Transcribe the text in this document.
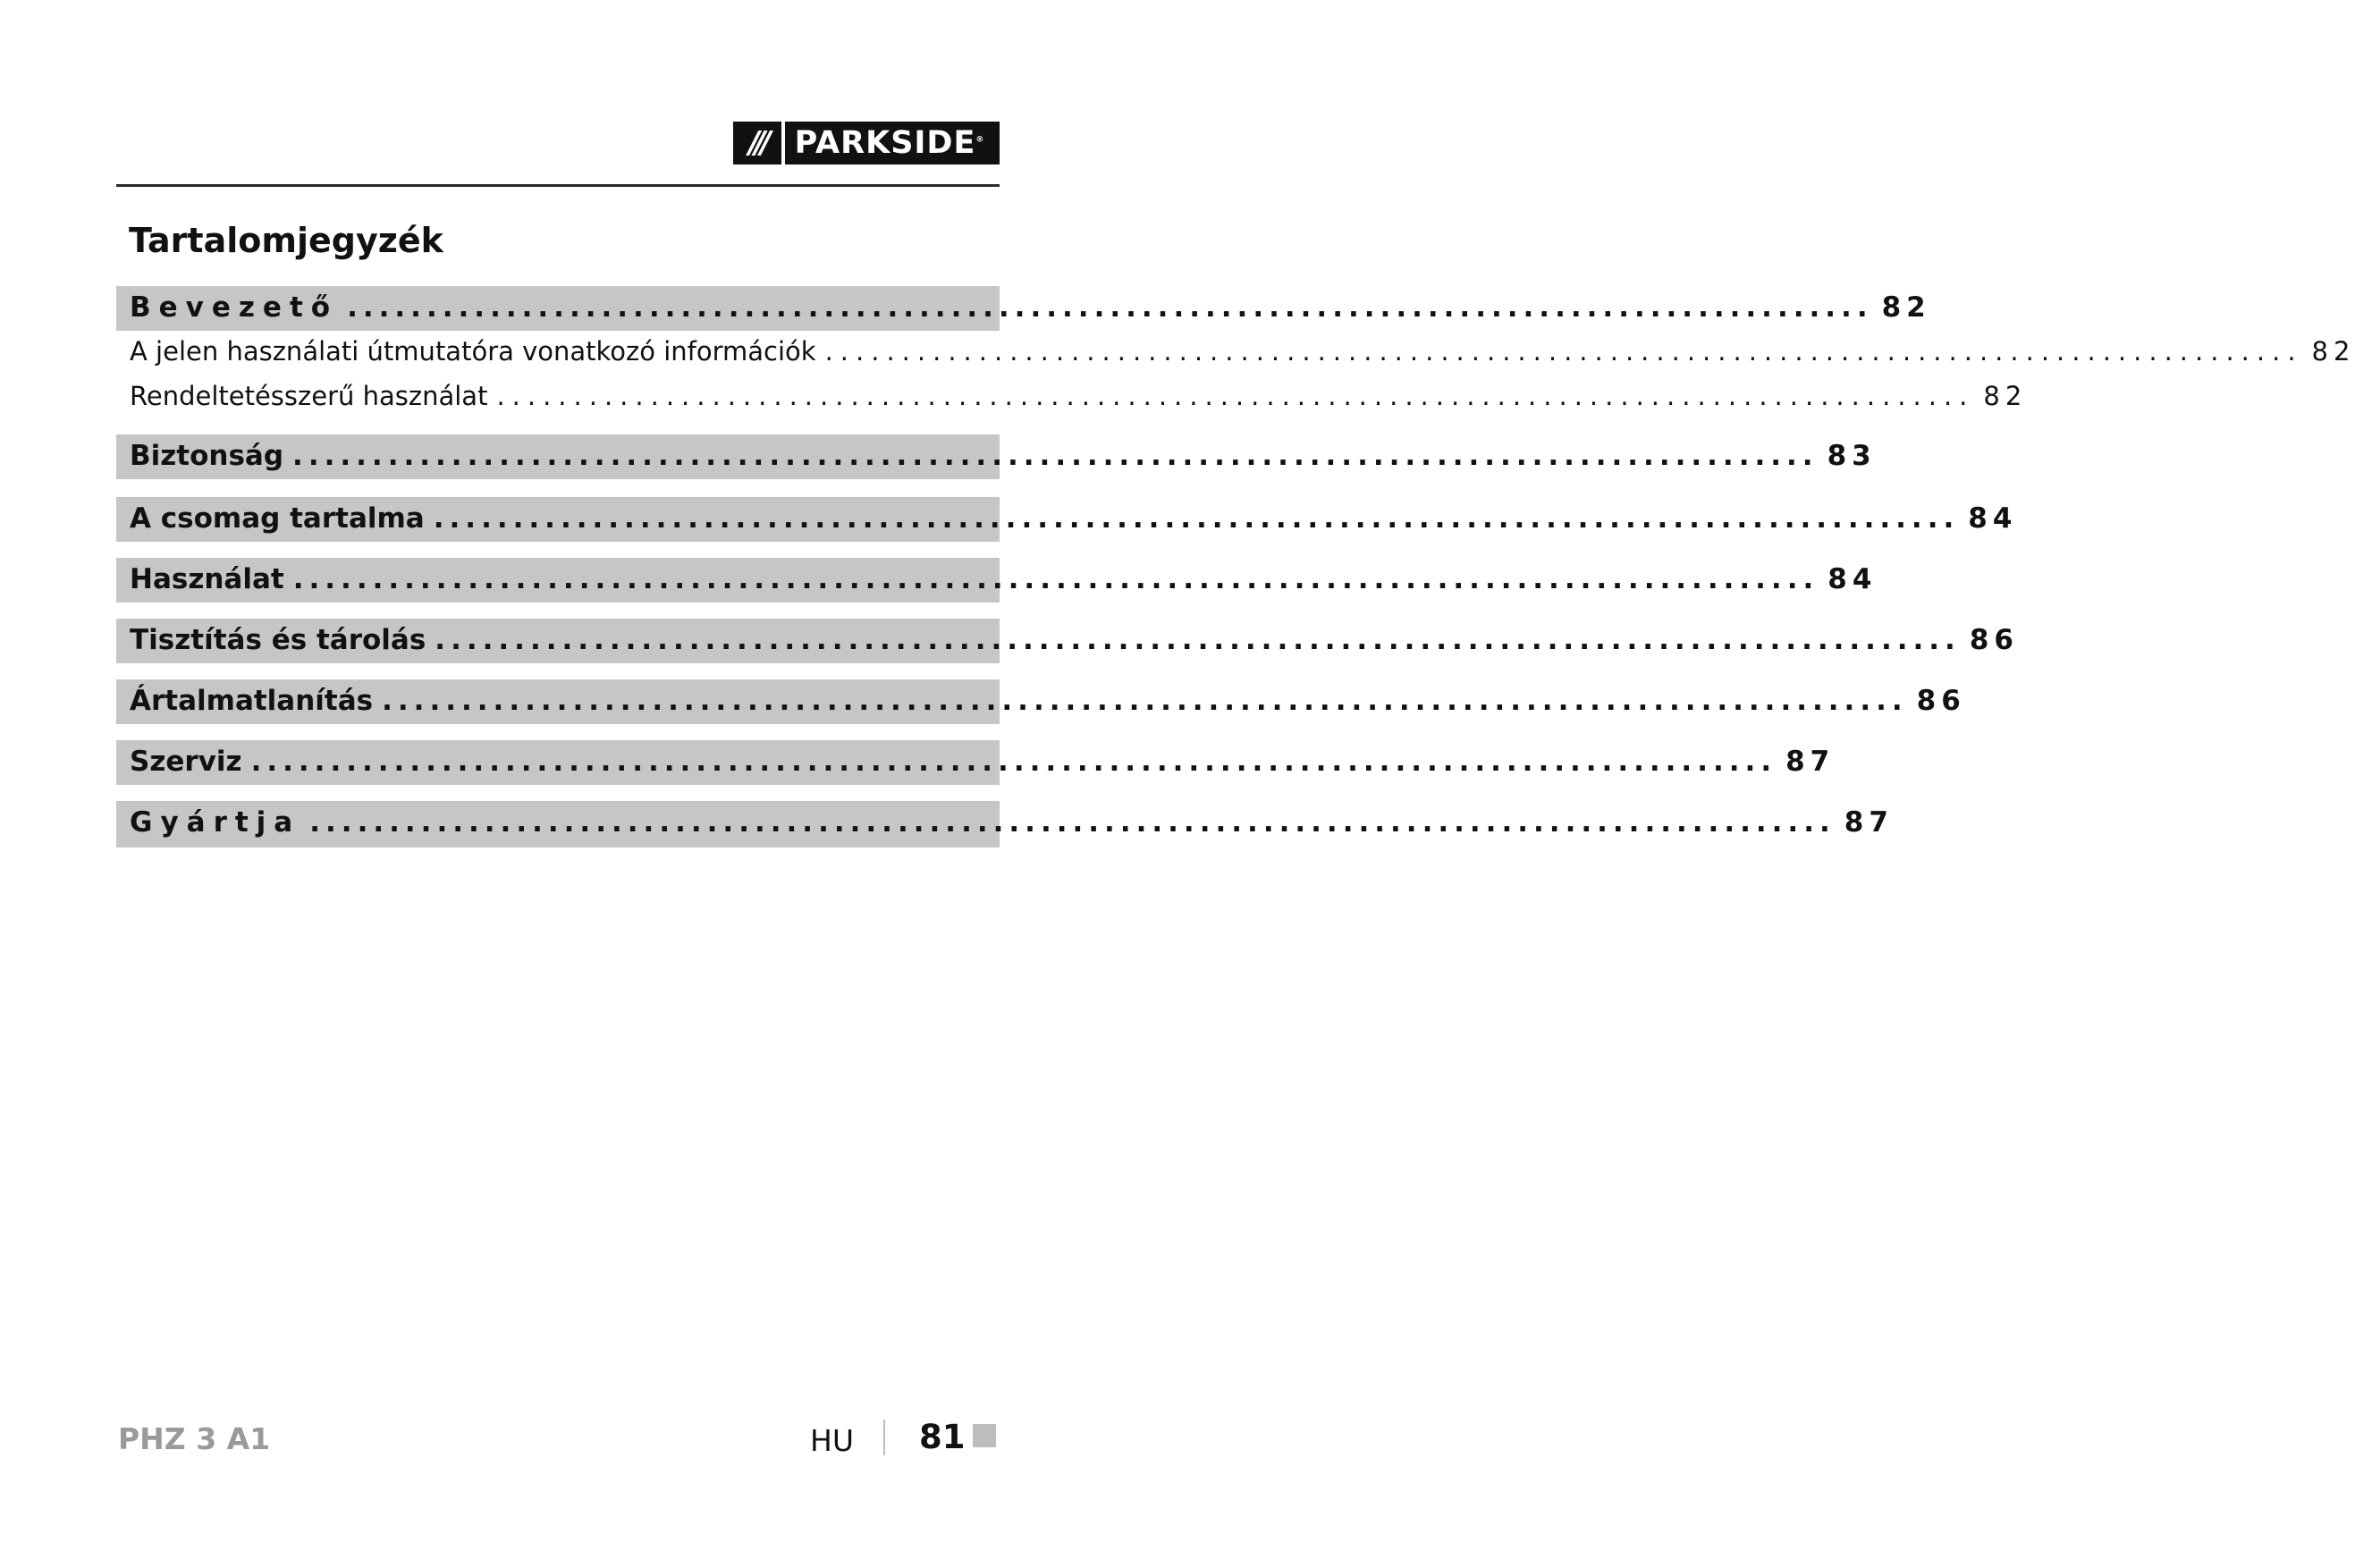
/// PARKSIDE®
Tartalomjegyzék
Bevezető ................................................................................................ 82
A jelen használati útmutatóra vonatkozó információk ................................................................................................ 82
Rendeltetésszerű használat ................................................................................................ 82
Biztonság ................................................................................................ 83
A csomag tartalma ................................................................................................ 84
Használat ................................................................................................ 84
Tisztítás és tárolás ................................................................................................ 86
Ártalmatlanítás ................................................................................................ 86
Szerviz ................................................................................................ 87
Gyártja ................................................................................................ 87
PHZ 3 A1	HU 81
